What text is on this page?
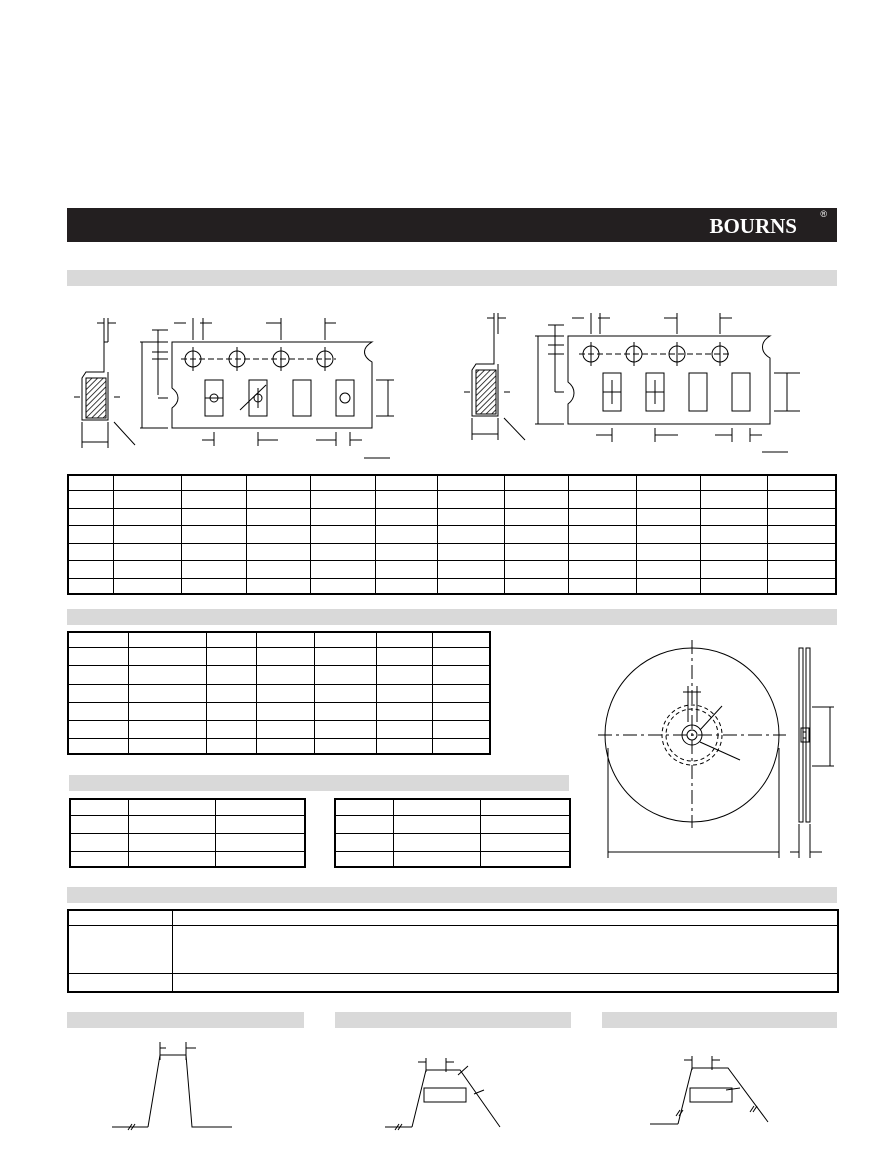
BOURNS	®
